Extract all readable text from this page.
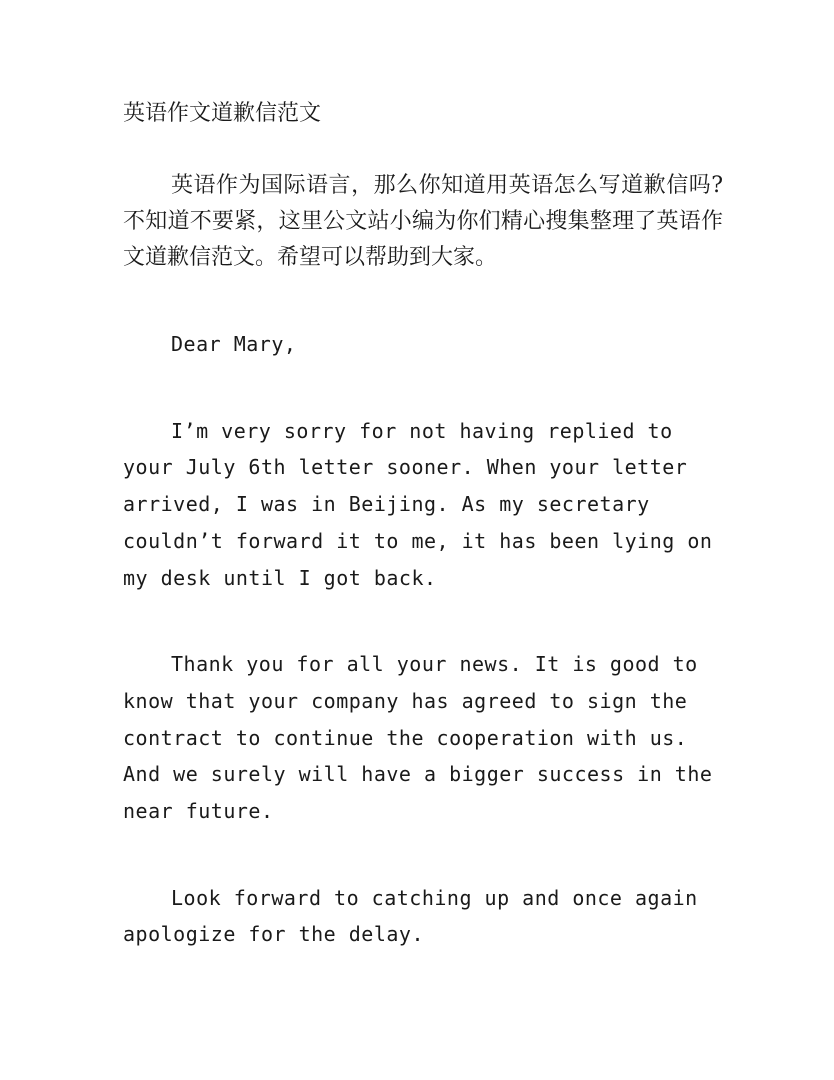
英语作文道歉信范文

英语作为国际语言，那么你知道用英语怎么写道歉信吗?不知道不要紧，这里公文站小编为你们精心搜集整理了英语作文道歉信范文。希望可以帮助到大家。

Dear Mary,

I’m very sorry for not having replied to your July 6th letter sooner. When your letter arrived, I was in Beijing. As my secretary couldn’t forward it to me, it has been lying on my desk until I got back.

Thank you for all your news. It is good to know that your company has agreed to sign the contract to continue the cooperation with us. And we surely will have a bigger success in the near future.

Look forward to catching up and once again apologize for the delay.
